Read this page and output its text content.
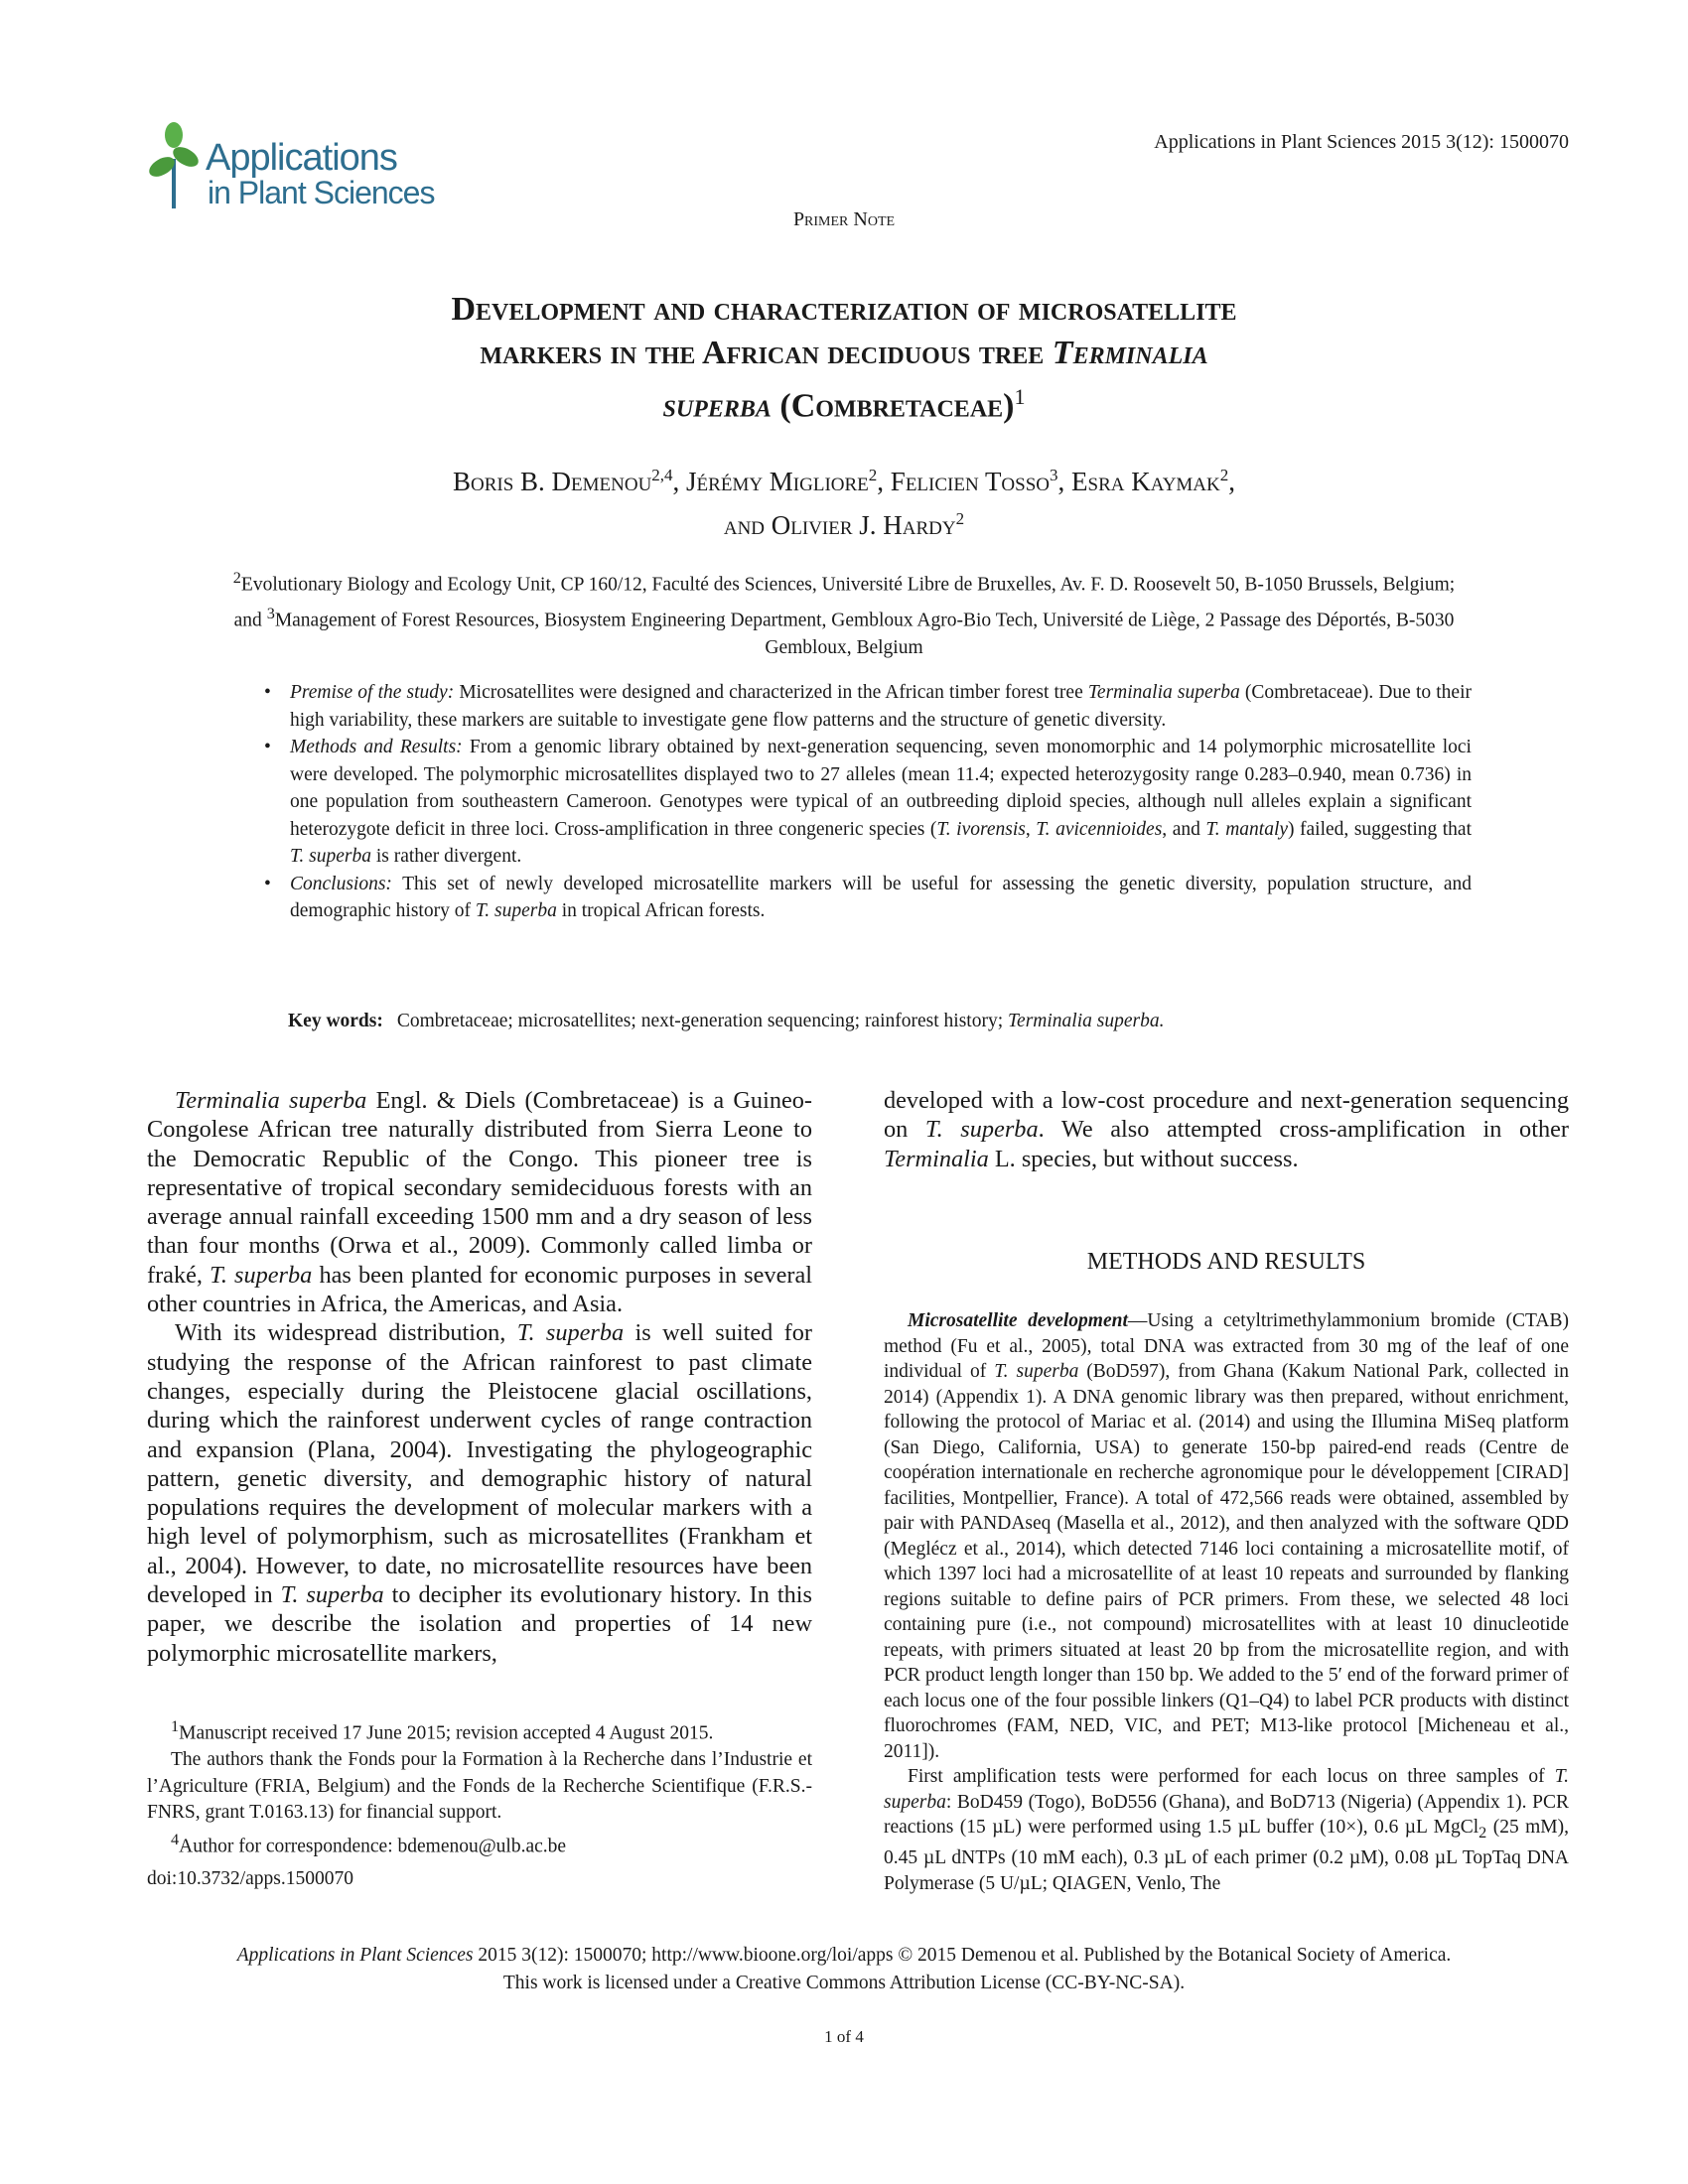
Applications
in Plant Sciences
Applications in Plant Sciences 2015 3(12): 1500070
Primer Note
Development and characterization of microsatellite
markers in the African deciduous tree Terminalia
superba (Combretaceae)$^1$
Boris B. Demenou$^{2,4}$, Jérémy Migliore$^2$, Felicien Tosso$^3$, Esra Kaymak$^2$,
and Olivier J. Hardy$^2$
$^2$Evolutionary Biology and Ecology Unit, CP 160/12, Faculté des Sciences, Université Libre de Bruxelles, Av. F. D. Roosevelt 50, B-1050 Brussels, Belgium; and $^3$Management of Forest Resources, Biosystem Engineering Department, Gembloux Agro-Bio Tech, Université de Liège, 2 Passage des Déportés, B-5030 Gembloux, Belgium
• Premise of the study: Microsatellites were designed and characterized in the African timber forest tree Terminalia superba (Combretaceae). Due to their high variability, these markers are suitable to investigate gene flow patterns and the structure of genetic diversity.
• Methods and Results: From a genomic library obtained by next-generation sequencing, seven monomorphic and 14 polymorphic microsatellite loci were developed. The polymorphic microsatellites displayed two to 27 alleles (mean 11.4; expected heterozygosity range 0.283–0.940, mean 0.736) in one population from southeastern Cameroon. Genotypes were typical of an outbreeding diploid species, although null alleles explain a significant heterozygote deficit in three loci. Cross-amplification in three congeneric species (T. ivorensis, T. avicennioides, and T. mantaly) failed, suggesting that T. superba is rather divergent.
• Conclusions: This set of newly developed microsatellite markers will be useful for assessing the genetic diversity, population structure, and demographic history of T. superba in tropical African forests.
Key words: Combretaceae; microsatellites; next-generation sequencing; rainforest history; Terminalia superba.

Terminalia superba Engl. & Diels (Combretaceae) is a Guineo-Congolese African tree naturally distributed from Sierra Leone to the Democratic Republic of the Congo. This pioneer tree is representative of tropical secondary semideciduous forests with an average annual rainfall exceeding 1500 mm and a dry season of less than four months (Orwa et al., 2009). Commonly called limba or fraké, T. superba has been planted for economic purposes in several other countries in Africa, the Americas, and Asia.

With its widespread distribution, T. superba is well suited for studying the response of the African rainforest to past climate changes, especially during the Pleistocene glacial oscillations, during which the rainforest underwent cycles of range contraction and expansion (Plana, 2004). Investigating the phylogeographic pattern, genetic diversity, and demographic history of natural populations requires the development of molecular markers with a high level of polymorphism, such as microsatellites (Frankham et al., 2004). However, to date, no microsatellite resources have been developed in T. superba to decipher its evolutionary history. In this paper, we describe the isolation and properties of 14 new polymorphic microsatellite markers,

developed with a low-cost procedure and next-generation sequencing on T. superba. We also attempted cross-amplification in other Terminalia L. species, but without success.
METHODS AND RESULTS

Microsatellite development—Using a cetyltrimethylammonium bromide (CTAB) method (Fu et al., 2005), total DNA was extracted from 30 mg of the leaf of one individual of T. superba (BoD597), from Ghana (Kakum National Park, collected in 2014) (Appendix 1). A DNA genomic library was then prepared, without enrichment, following the protocol of Mariac et al. (2014) and using the Illumina MiSeq platform (San Diego, California, USA) to generate 150-bp paired-end reads (Centre de coopération internationale en recherche agronomique pour le développement [CIRAD] facilities, Montpellier, France). A total of 472,566 reads were obtained, assembled by pair with PANDAseq (Masella et al., 2012), and then analyzed with the software QDD (Meglécz et al., 2014), which detected 7146 loci containing a microsatellite motif, of which 1397 loci had a microsatellite of at least 10 repeats and surrounded by flanking regions suitable to define pairs of PCR primers. From these, we selected 48 loci containing pure (i.e., not compound) microsatellites with at least 10 dinucleotide repeats, with primers situated at least 20 bp from the microsatellite region, and with PCR product length longer than 150 bp. We added to the 5′ end of the forward primer of each locus one of the four possible linkers (Q1–Q4) to label PCR products with distinct fluorochromes (FAM, NED, VIC, and PET; M13-like protocol [Micheneau et al., 2011]).

First amplification tests were performed for each locus on three samples of T. superba: BoD459 (Togo), BoD556 (Ghana), and BoD713 (Nigeria) (Appendix 1). PCR reactions (15 µL) were performed using 1.5 µL buffer (10×), 0.6 µL MgCl$_2$ (25 mM), 0.45 µL dNTPs (10 mM each), 0.3 µL of each primer (0.2 µM), 0.08 µL TopTaq DNA Polymerase (5 U/µL; QIAGEN, Venlo, The

$^1$Manuscript received 17 June 2015; revision accepted 4 August 2015.

The authors thank the Fonds pour la Formation à la Recherche dans l’Industrie et l’Agriculture (FRIA, Belgium) and the Fonds de la Recherche Scientifique (F.R.S.-FNRS, grant T.0163.13) for financial support.

$^4$Author for correspondence: bdemenou@ulb.ac.be

doi:10.3732/apps.1500070
Applications in Plant Sciences 2015 3(12): 1500070; http://www.bioone.org/loi/apps © 2015 Demenou et al. Published by the Botanical Society of America.
This work is licensed under a Creative Commons Attribution License (CC-BY-NC-SA).
1 of 4
